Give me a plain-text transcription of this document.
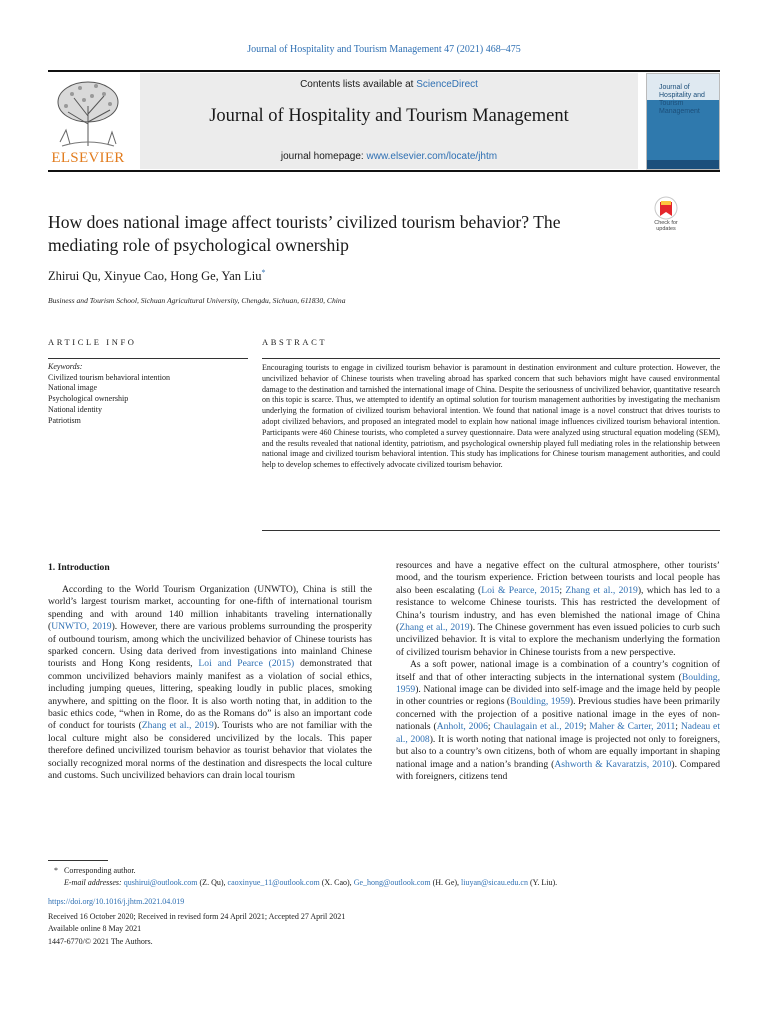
Journal of Hospitality and Tourism Management 47 (2021) 468–475
ELSEVIER
Contents lists available at ScienceDirect
Journal of Hospitality and Tourism Management
journal homepage: www.elsevier.com/locate/jhtm
Journal of Hospitality and Tourism Management
How does national image affect tourists’ civilized tourism behavior? The mediating role of psychological ownership
Check for updates
Zhirui Qu, Xinyue Cao, Hong Ge, Yan Liu*
Business and Tourism School, Sichuan Agricultural University, Chengdu, Sichuan, 611830, China
ARTICLE INFO
Keywords:
Civilized tourism behavioral intention
National image
Psychological ownership
National identity
Patriotism
ABSTRACT
Encouraging tourists to engage in civilized tourism behavior is paramount in destination environment and culture protection. However, the uncivilized behavior of Chinese tourists when traveling abroad has sparked concern that such behaviors might have caused environmental damage to the destination and tarnished the international image of China. Despite the seriousness of uncivilized behavior, quantitative research on this topic is scarce. Thus, we attempted to identify an optimal solution for tourism management authorities by investigating the mechanism underlying the formation of civilized tourism behavioral intention. We found that national image is a novel construct that drives tourists to adopt civilized behaviors, and proposed an integrated model to explain how national image influences civilized tourism behavioral intention. Participants were 460 Chinese tourists, who completed a survey questionnaire. Data were analyzed using structural equation modeling (SEM), and the results revealed that national identity, patriotism, and psychological ownership played full mediating roles in the relationship between national image and civilized tourism behavioral intention. This study has implications for Chinese tourism management authorities, and could help to develop schemes to effectively advocate civilized tourism behavior.
1. Introduction

According to the World Tourism Organization (UNWTO), China is still the world’s largest tourism market, accounting for one-fifth of international tourism spending and with around 140 million inhabitants traveling internationally (UNWTO, 2019). However, there are various problems surrounding the prosperity of outbound tourism, among which the uncivilized behavior of Chinese tourists has sparked concern. Using data derived from investigations into mainland Chinese tourists and Hong Kong residents, Loi and Pearce (2015) demonstrated that common uncivilized behaviors mainly manifest as a violation of social ethics, including jumping queues, littering, speaking loudly in public places, smoking anywhere, and spitting on the floor. It is also worth noting that, in addition to the basic ethics code, “when in Rome, do as the Romans do” is also an important code of conduct for tourists (Zhang et al., 2019). Tourists who are not familiar with the local culture might also be considered uncivilized by the locals. This paper therefore defined uncivilized tourism behavior as tourist behavior that violates the socially recognized moral norms of the destination and disrespects the local culture and customs. Such uncivilized behaviors can drain local tourism

resources and have a negative effect on the cultural atmosphere, other tourists’ mood, and the tourism experience. Friction between tourists and local people has also been escalating (Loi & Pearce, 2015; Zhang et al., 2019), which has led to a resistance to welcome Chinese tourists. This has restricted the development of China’s tourism industry, and has even blemished the national image of China (Zhang et al., 2019). The Chinese government has even issued policies to curb such uncivilized behavior. It is vital to explore the mechanism underlying the formation of civilized tourism behavior in Chinese tourists from a new perspective.

As a soft power, national image is a combination of a country’s cognition of itself and that of other interacting subjects in the international system (Boulding, 1959). National image can be divided into self-image and the image held by people in other countries or regions (Boulding, 1959). Previous studies have been primarily concerned with the projection of a positive national image in the eyes of non-nationals (Anholt, 2006; Chaulagain et al., 2019; Maher & Carter, 2011; Nadeau et al., 2008). It is worth noting that national image is projected not only to foreigners, but also to a country’s own citizens, both of whom are equally important in shaping national image and a nation’s branding (Ashworth & Kavaratzis, 2010). Compared with foreigners, citizens tend

* Corresponding author.
E-mail addresses: qushirui@outlook.com (Z. Qu), caoxinyue_11@outlook.com (X. Cao), Ge_hong@outlook.com (H. Ge), liuyan@sicau.edu.cn (Y. Liu).
https://doi.org/10.1016/j.jhtm.2021.04.019
Received 16 October 2020; Received in revised form 24 April 2021; Accepted 27 April 2021
Available online 8 May 2021
1447-6770/© 2021 The Authors.
